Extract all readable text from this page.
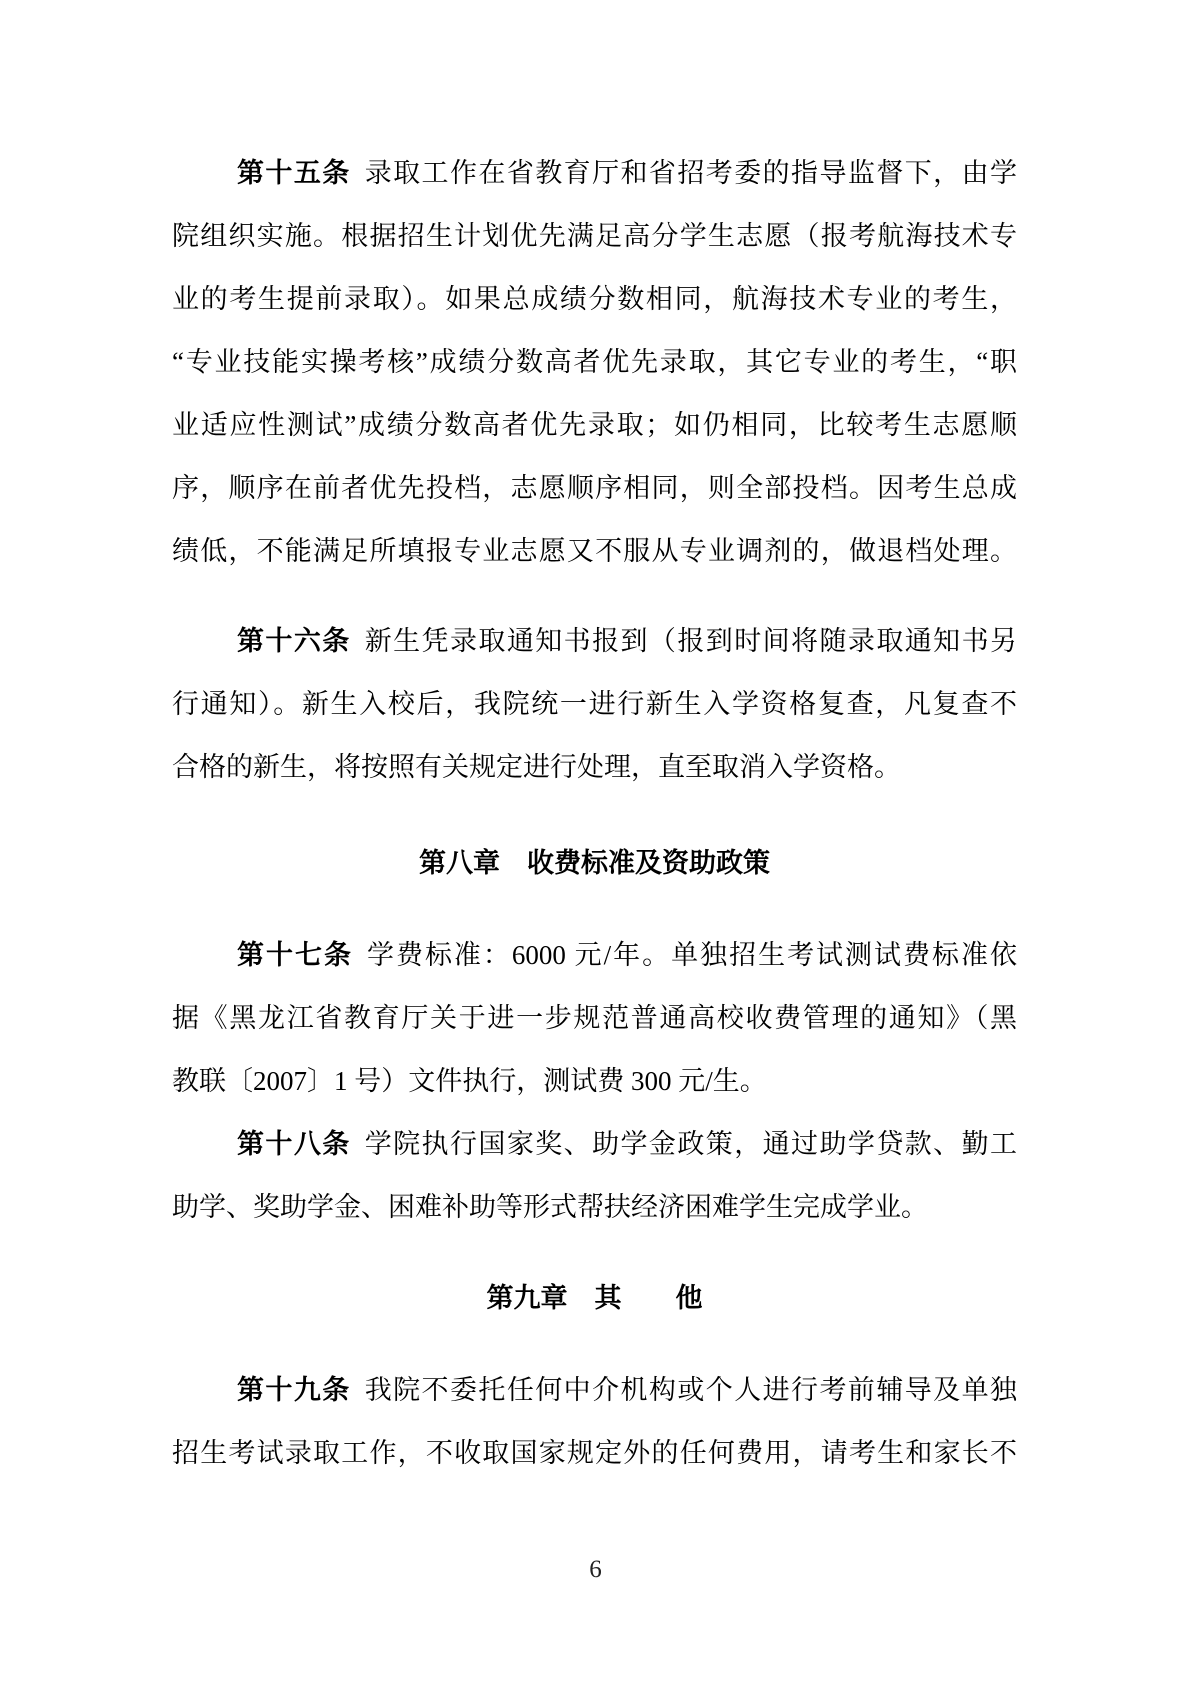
第十五条 录取工作在省教育厅和省招考委的指导监督下，由学
院组织实施。根据招生计划优先满足高分学生志愿（报考航海技术专
业的考生提前录取）。如果总成绩分数相同，航海技术专业的考生，
“专业技能实操考核”成绩分数高者优先录取，其它专业的考生，“职
业适应性测试”成绩分数高者优先录取；如仍相同，比较考生志愿顺
序，顺序在前者优先投档，志愿顺序相同，则全部投档。因考生总成
绩低，不能满足所填报专业志愿又不服从专业调剂的，做退档处理。
第十六条 新生凭录取通知书报到（报到时间将随录取通知书另
行通知）。新生入校后，我院统一进行新生入学资格复查，凡复查不
合格的新生，将按照有关规定进行处理，直至取消入学资格。
第八章　收费标准及资助政策
第十七条 学费标准：6000 元/年。单独招生考试测试费标准依
据《黑龙江省教育厅关于进一步规范普通高校收费管理的通知》（黑
教联〔2007〕1 号）文件执行，测试费 300 元/生。
第十八条 学院执行国家奖、助学金政策，通过助学贷款、勤工
助学、奖助学金、困难补助等形式帮扶经济困难学生完成学业。
第九章　其　　他
第十九条 我院不委托任何中介机构或个人进行考前辅导及单独
招生考试录取工作，不收取国家规定外的任何费用，请考生和家长不
6
